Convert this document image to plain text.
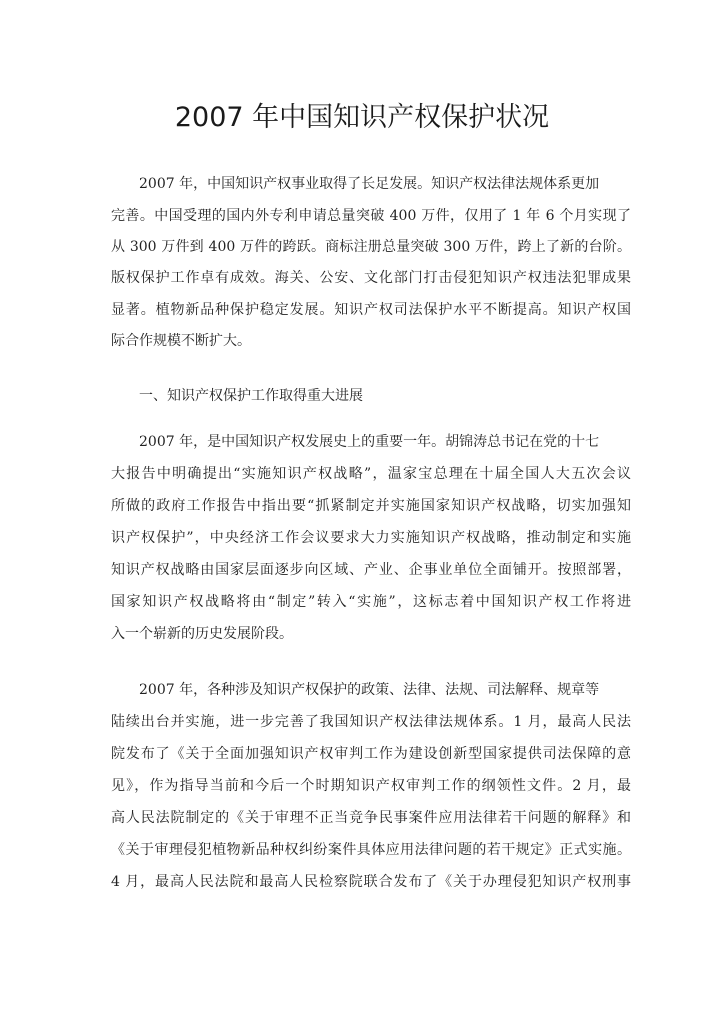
2007 年中国知识产权保护状况
2007 年，中国知识产权事业取得了长足发展。知识产权法律法规体系更加
完善。中国受理的国内外专利申请总量突破 400 万件，仅用了 1 年 6 个月实现了
从 300 万件到 400 万件的跨跃。商标注册总量突破 300 万件，跨上了新的台阶。
版权保护工作卓有成效。海关、公安、文化部门打击侵犯知识产权违法犯罪成果
显著。植物新品种保护稳定发展。知识产权司法保护水平不断提高。知识产权国
际合作规模不断扩大。
一、知识产权保护工作取得重大进展
2007 年，是中国知识产权发展史上的重要一年。胡锦涛总书记在党的十七
大报告中明确提出“实施知识产权战略”，温家宝总理在十届全国人大五次会议
所做的政府工作报告中指出要“抓紧制定并实施国家知识产权战略，切实加强知
识产权保护”，中央经济工作会议要求大力实施知识产权战略，推动制定和实施
知识产权战略由国家层面逐步向区域、产业、企事业单位全面铺开。按照部署，
国家知识产权战略将由“制定”转入“实施”，这标志着中国知识产权工作将进
入一个崭新的历史发展阶段。
2007 年，各种涉及知识产权保护的政策、法律、法规、司法解释、规章等
陆续出台并实施，进一步完善了我国知识产权法律法规体系。1 月，最高人民法
院发布了《关于全面加强知识产权审判工作为建设创新型国家提供司法保障的意
见》，作为指导当前和今后一个时期知识产权审判工作的纲领性文件。2 月，最
高人民法院制定的《关于审理不正当竞争民事案件应用法律若干问题的解释》和
《关于审理侵犯植物新品种权纠纷案件具体应用法律问题的若干规定》正式实施。
4 月，最高人民法院和最高人民检察院联合发布了《关于办理侵犯知识产权刑事
